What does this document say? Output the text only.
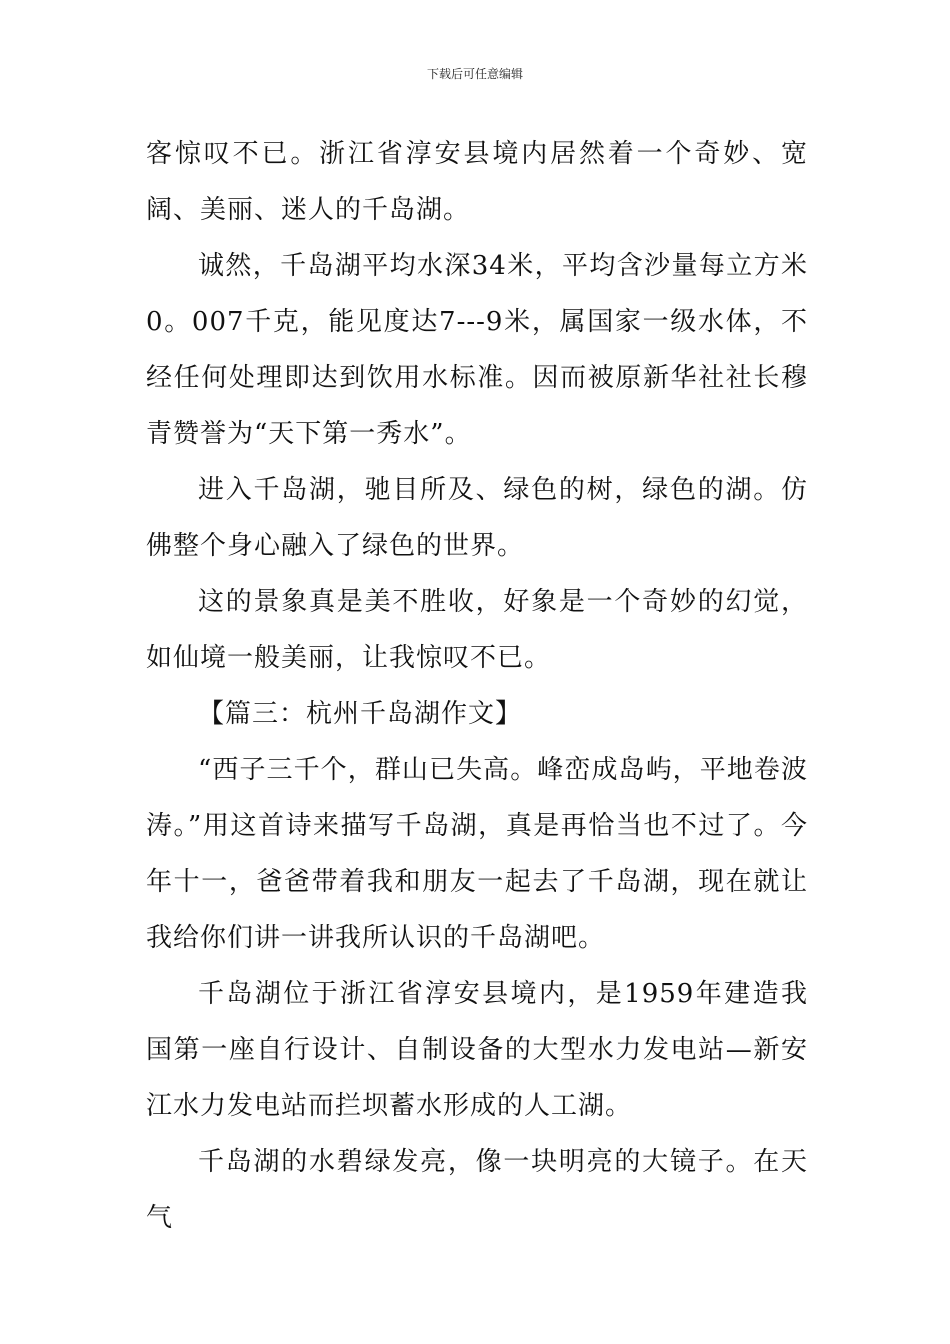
下载后可任意编辑

客惊叹不已。浙江省淳安县境内居然着一个奇妙、宽阔、美丽、迷人的千岛湖。

诚然，千岛湖平均水深34米，平均含沙量每立方米0。007千克，能见度达7---9米，属国家一级水体，不经任何处理即达到饮用水标准。因而被原新华社社长穆青赞誉为“天下第一秀水”。

进入千岛湖，驰目所及、绿色的树，绿色的湖。仿佛整个身心融入了绿色的世界。

这的景象真是美不胜收，好象是一个奇妙的幻觉，如仙境一般美丽，让我惊叹不已。

【篇三：杭州千岛湖作文】

“西子三千个，群山已失高。峰峦成岛屿，平地卷波涛。”用这首诗来描写千岛湖，真是再恰当也不过了。今年十一，爸爸带着我和朋友一起去了千岛湖，现在就让我给你们讲一讲我所认识的千岛湖吧。

千岛湖位于浙江省淳安县境内，是1959年建造我国第一座自行设计、自制设备的大型水力发电站—新安江水力发电站而拦坝蓄水形成的人工湖。

千岛湖的水碧绿发亮，像一块明亮的大镜子。在天气
